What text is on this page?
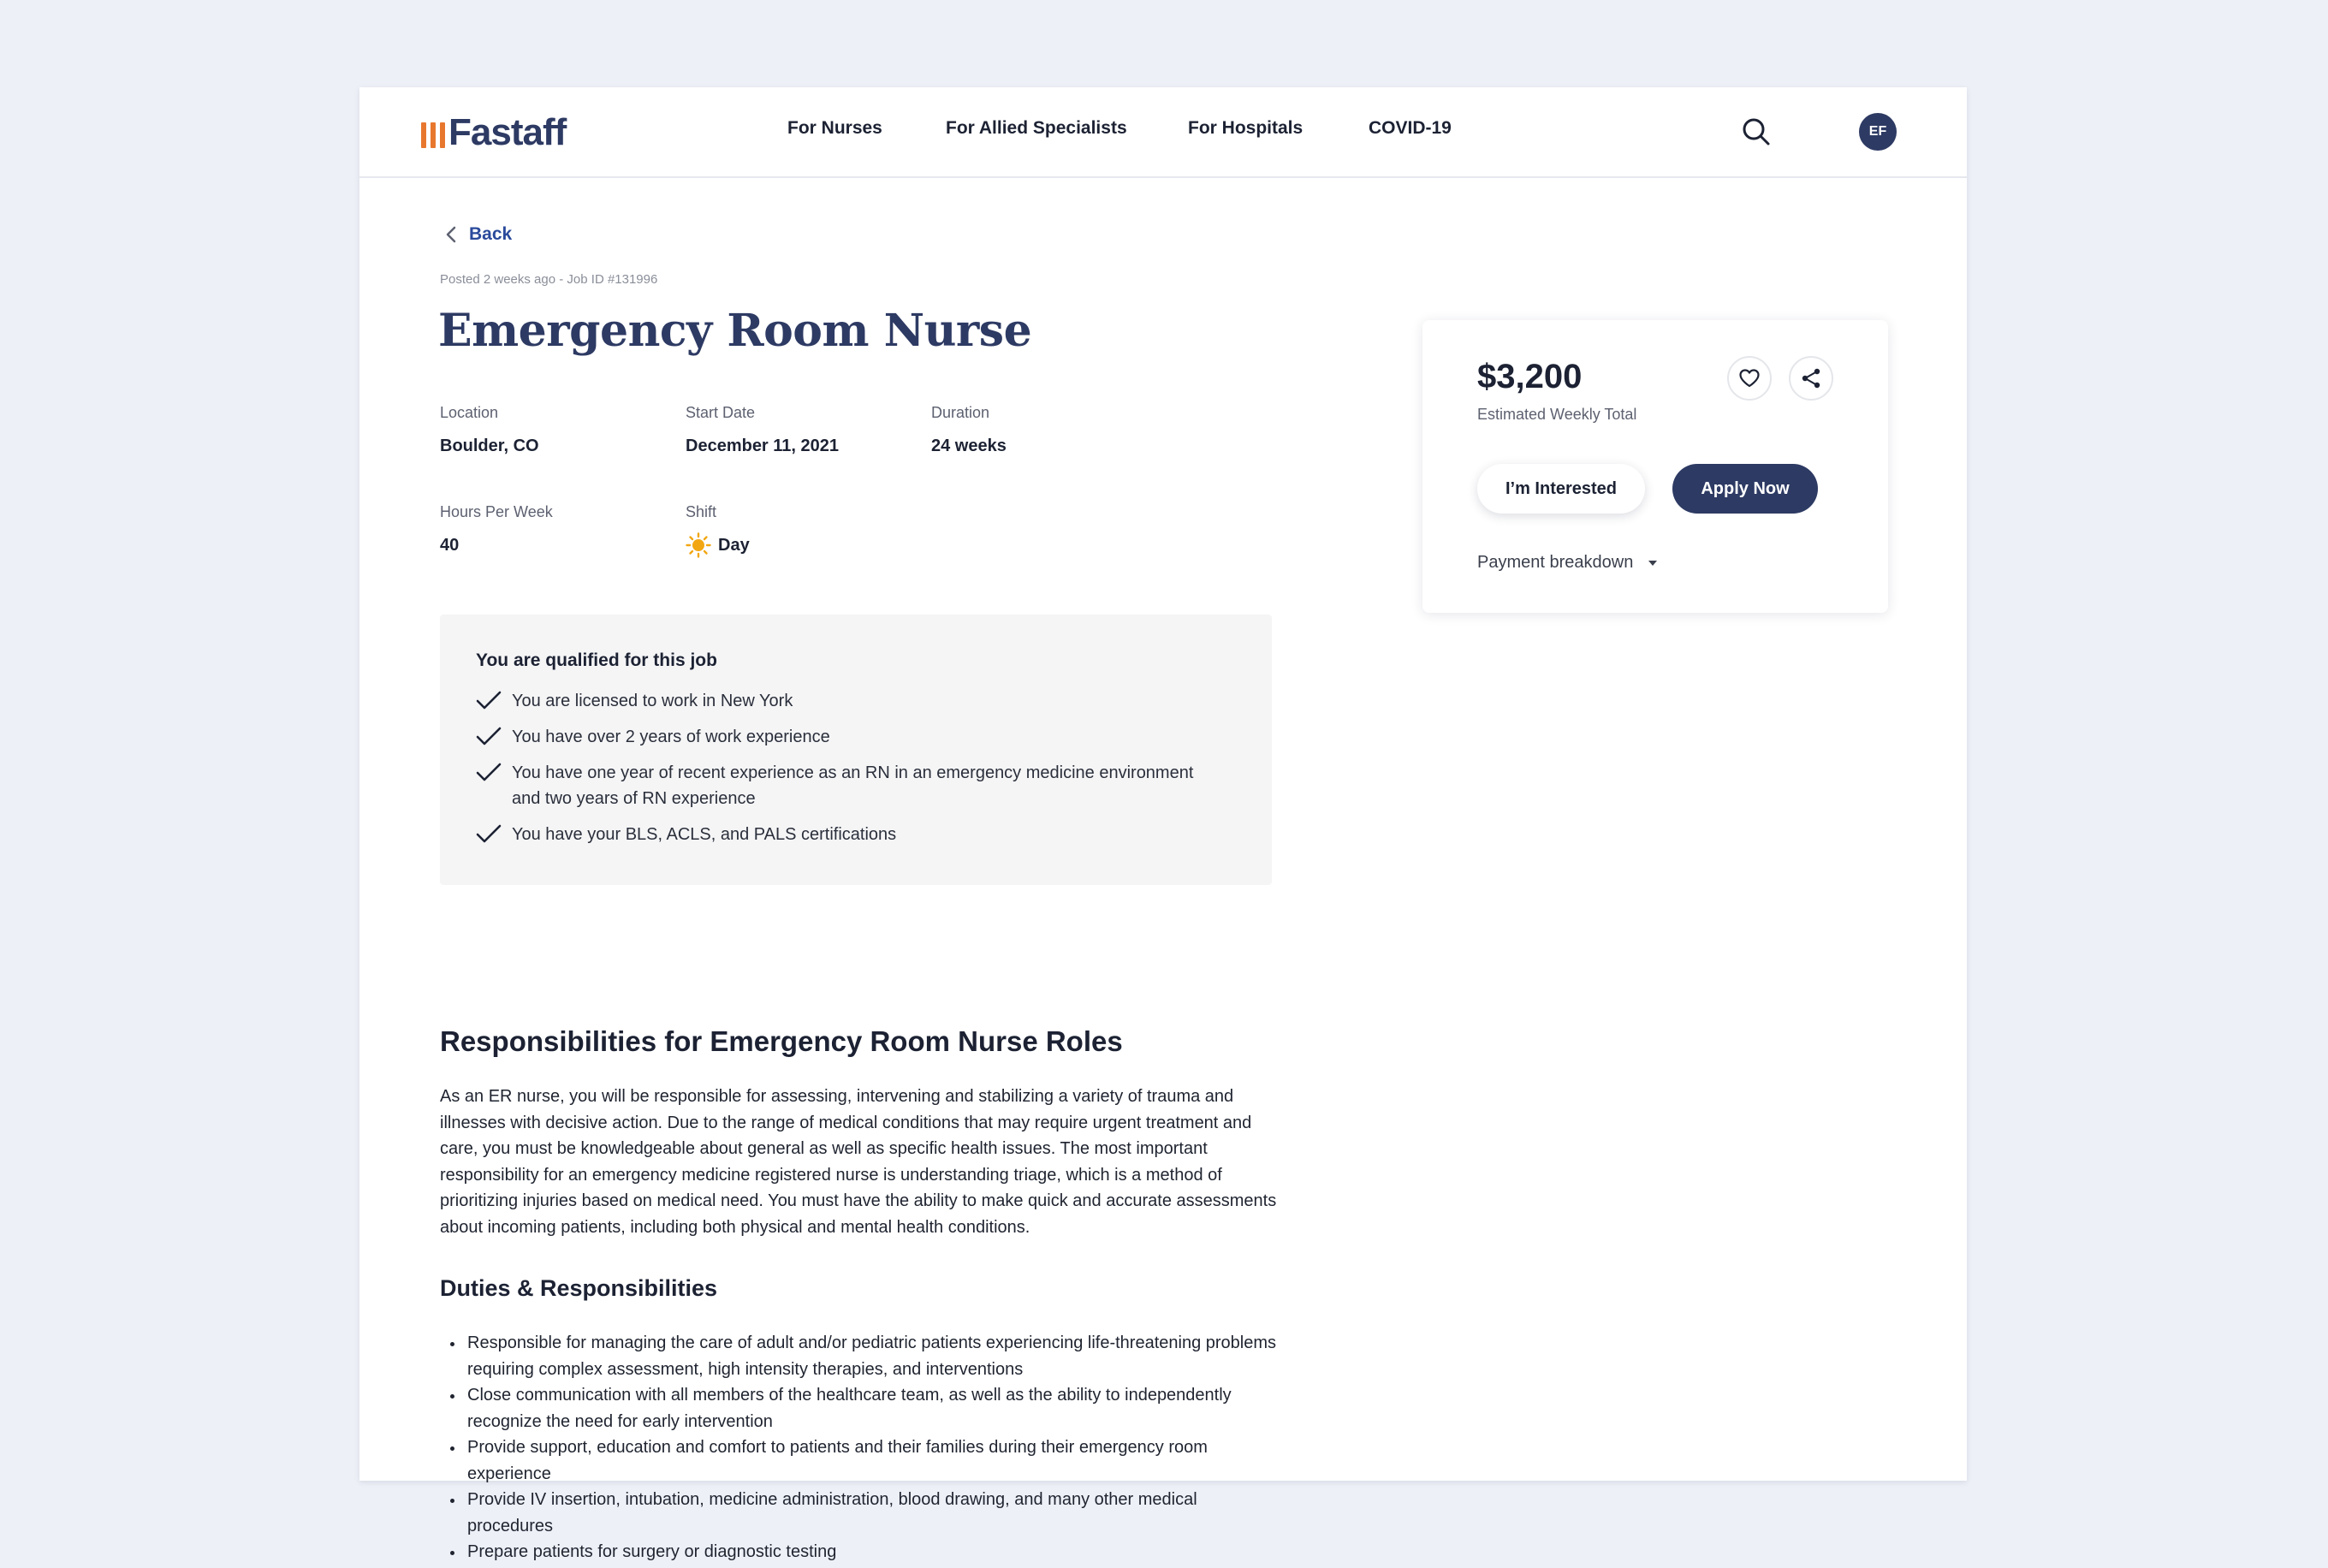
Fastaff	For Nurses	For Allied Specialists	For Hospitals	COVID-19	EF
Back
Posted 2 weeks ago - Job ID #131996
Emergency Room Nurse
Location
Boulder, CO
Start Date
December 11, 2021
Duration
24 weeks
Hours Per Week
40
Shift
Day
You are qualified for this job
You are licensed to work in New York
You have over 2 years of work experience
You have one year of recent experience as an RN in an emergency medicine environment and two years of RN experience
You have your BLS, ACLS, and PALS certifications
Responsibilities for Emergency Room Nurse Roles
As an ER nurse, you will be responsible for assessing, intervening and stabilizing a variety of trauma and illnesses with decisive action. Due to the range of medical conditions that may require urgent treatment and care, you must be knowledgeable about general as well as specific health issues. The most important responsibility for an emergency medicine registered nurse is understanding triage, which is a method of prioritizing injuries based on medical need. You must have the ability to make quick and accurate assessments about incoming patients, including both physical and mental health conditions.
Duties & Responsibilities
Responsible for managing the care of adult and/or pediatric patients experiencing life-threatening problems requiring complex assessment, high intensity therapies, and interventions
Close communication with all members of the healthcare team, as well as the ability to independently recognize the need for early intervention
Provide support, education and comfort to patients and their families during their emergency room experience
Provide IV insertion, intubation, medicine administration, blood drawing, and many other medical procedures
Prepare patients for surgery or diagnostic testing
$3,200
Estimated Weekly Total
I’m Interested	Apply Now
Payment breakdown
